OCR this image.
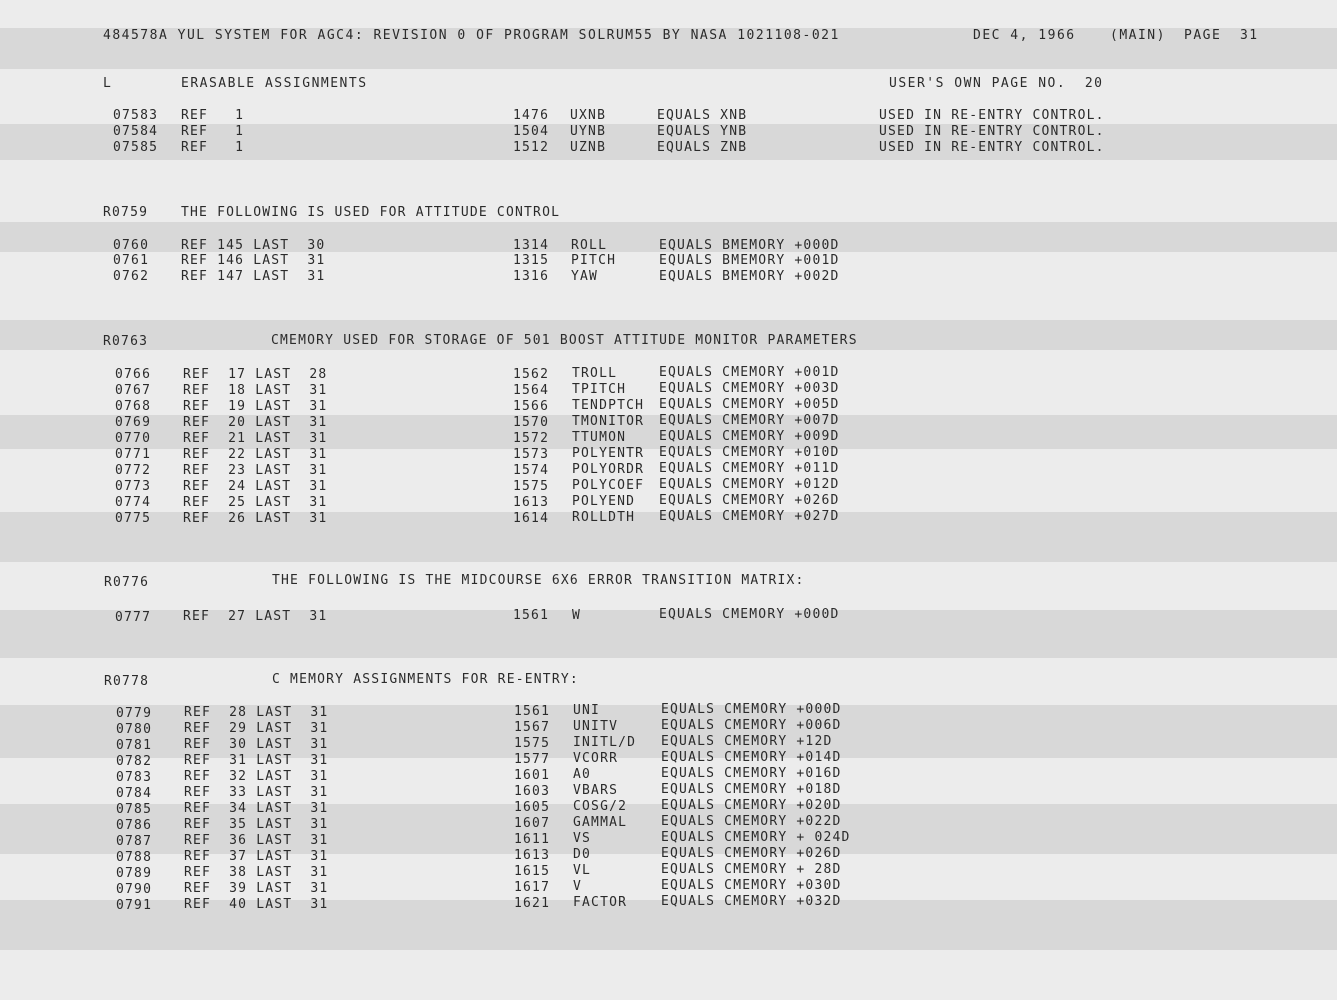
484578A YUL SYSTEM FOR AGC4: REVISION 0 OF PROGRAM SOLRUM55 BY NASA 1021108-021	DEC 4, 1966	(MAIN) PAGE  31
L	ERASABLE ASSIGNMENTS	USER'S OWN PAGE NO.  20
07583 REF   1	1476 UXNB	EQUALS XNB	USED IN RE-ENTRY CONTROL.
07584 REF   1	1504 UYNB	EQUALS YNB	USED IN RE-ENTRY CONTROL.
07585 REF   1	1512 UZNB	EQUALS ZNB	USED IN RE-ENTRY CONTROL.
R0759	THE FOLLOWING IS USED FOR ATTITUDE CONTROL
0760 REF 145 LAST  30	1314 ROLL	EQUALS BMEMORY +000D
0761 REF 146 LAST  31	1315 PITCH	EQUALS BMEMORY +001D
0762 REF 147 LAST  31	1316 YAW	EQUALS BMEMORY +002D
R0763	CMEMORY USED FOR STORAGE OF 501 BOOST ATTITUDE MONITOR PARAMETERS
0766 REF  17 LAST  28	1562 TROLL	EQUALS CMEMORY +001D
0767 REF  18 LAST  31	1564 TPITCH	EQUALS CMEMORY +003D
0768 REF  19 LAST  31	1566 TENDPTCH EQUALS CMEMORY +005D
0769 REF  20 LAST  31	1570 TMONITOR EQUALS CMEMORY +007D
0770 REF  21 LAST  31	1572 TTUMON	EQUALS CMEMORY +009D
0771 REF  22 LAST  31	1573 POLYENTR EQUALS CMEMORY +010D
0772 REF  23 LAST  31	1574 POLYORDR EQUALS CMEMORY +011D
0773 REF  24 LAST  31	1575 POLYCOEF EQUALS CMEMORY +012D
0774 REF  25 LAST  31	1613 POLYEND EQUALS CMEMORY +026D
0775 REF  26 LAST  31	1614 ROLLDTH EQUALS CMEMORY +027D
R0776	THE FOLLOWING IS THE MIDCOURSE 6X6 ERROR TRANSITION MATRIX:
0777 REF  27 LAST  31	1561 W	EQUALS CMEMORY +000D
R0778	C MEMORY ASSIGNMENTS FOR RE-ENTRY:
0779 REF  28 LAST  31	1561 UNI	EQUALS CMEMORY +000D
0780 REF  29 LAST  31	1567 UNITV	EQUALS CMEMORY +006D
0781 REF  30 LAST  31	1575 INITL/D EQUALS CMEMORY +12D
0782 REF  31 LAST  31	1577 VCORR	EQUALS CMEMORY +014D
0783 REF  32 LAST  31	1601 A0	EQUALS CMEMORY +016D
0784 REF  33 LAST  31	1603 VBARS	EQUALS CMEMORY +018D
0785 REF  34 LAST  31	1605 COSG/2	EQUALS CMEMORY +020D
0786 REF  35 LAST  31	1607 GAMMAL	EQUALS CMEMORY +022D
0787 REF  36 LAST  31	1611 VS	EQUALS CMEMORY + 024D
0788 REF  37 LAST  31	1613 D0	EQUALS CMEMORY +026D
0789 REF  38 LAST  31	1615 VL	EQUALS CMEMORY + 28D
0790 REF  39 LAST  31	1617 V	EQUALS CMEMORY +030D
0791 REF  40 LAST  31	1621 FACTOR	EQUALS CMEMORY +032D
